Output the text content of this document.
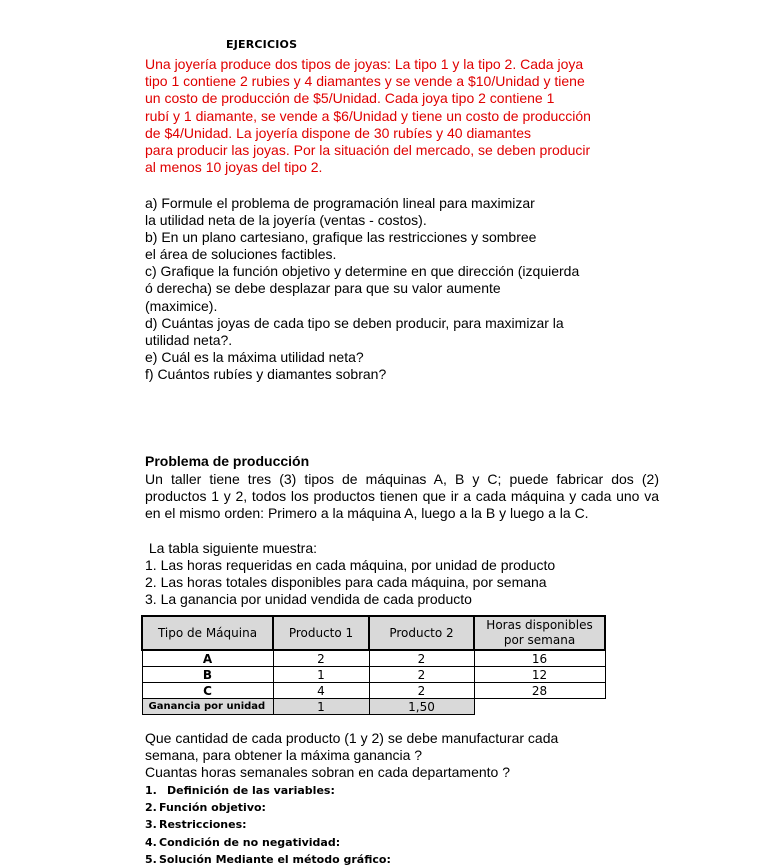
EJERCICIOS
Una joyería produce dos tipos de joyas: La tipo 1 y la tipo 2. Cada joya
tipo 1 contiene 2 rubies y 4 diamantes y se vende a $10/Unidad y tiene
un costo de producción de $5/Unidad. Cada joya tipo 2 contiene 1
rubí y 1 diamante, se vende a $6/Unidad y tiene un costo de producción
de $4/Unidad. La joyería dispone de 30 rubíes y 40 diamantes
para producir las joyas. Por la situación del mercado, se deben producir
al menos 10 joyas del tipo 2.
a) Formule el problema de programación lineal para maximizar
la utilidad neta de la joyería (ventas - costos).
b) En un plano cartesiano, grafique las restricciones y sombree
el área de soluciones factibles.
c) Grafique la función objetivo y determine en que dirección (izquierda
ó derecha) se debe desplazar para que su valor aumente
(maximice).
d) Cuántas joyas de cada tipo se deben producir, para maximizar la
utilidad neta?.
e) Cuál es la máxima utilidad neta?
f) Cuántos rubíes y diamantes sobran?
Problema de producción
Un taller tiene tres (3) tipos de máquinas A, B y C; puede fabricar dos (2)
productos 1 y 2, todos los productos tienen que ir a cada máquina y cada uno va
en el mismo orden: Primero a la máquina A, luego a la B y luego a la C.
La tabla siguiente muestra:
1. Las horas requeridas en cada máquina, por unidad de producto
2. Las horas totales disponibles para cada máquina, por semana
3. La ganancia por unidad vendida de cada producto
Tipo de Máquina	Producto 1	Producto 2	Horas disponibles
por semana

A	2	2	16
B	1	2	12
C	4	2	28
Ganancia por unidad	1	1,50	
Que cantidad de cada producto (1 y 2) se debe manufacturar cada
semana, para obtener la máxima ganancia ?
Cuantas horas semanales sobran en cada departamento ?
1. Definición de las variables:
2. Función objetivo:
3. Restricciones:
4. Condición de no negatividad:
5. Solución Mediante el método gráfico:
